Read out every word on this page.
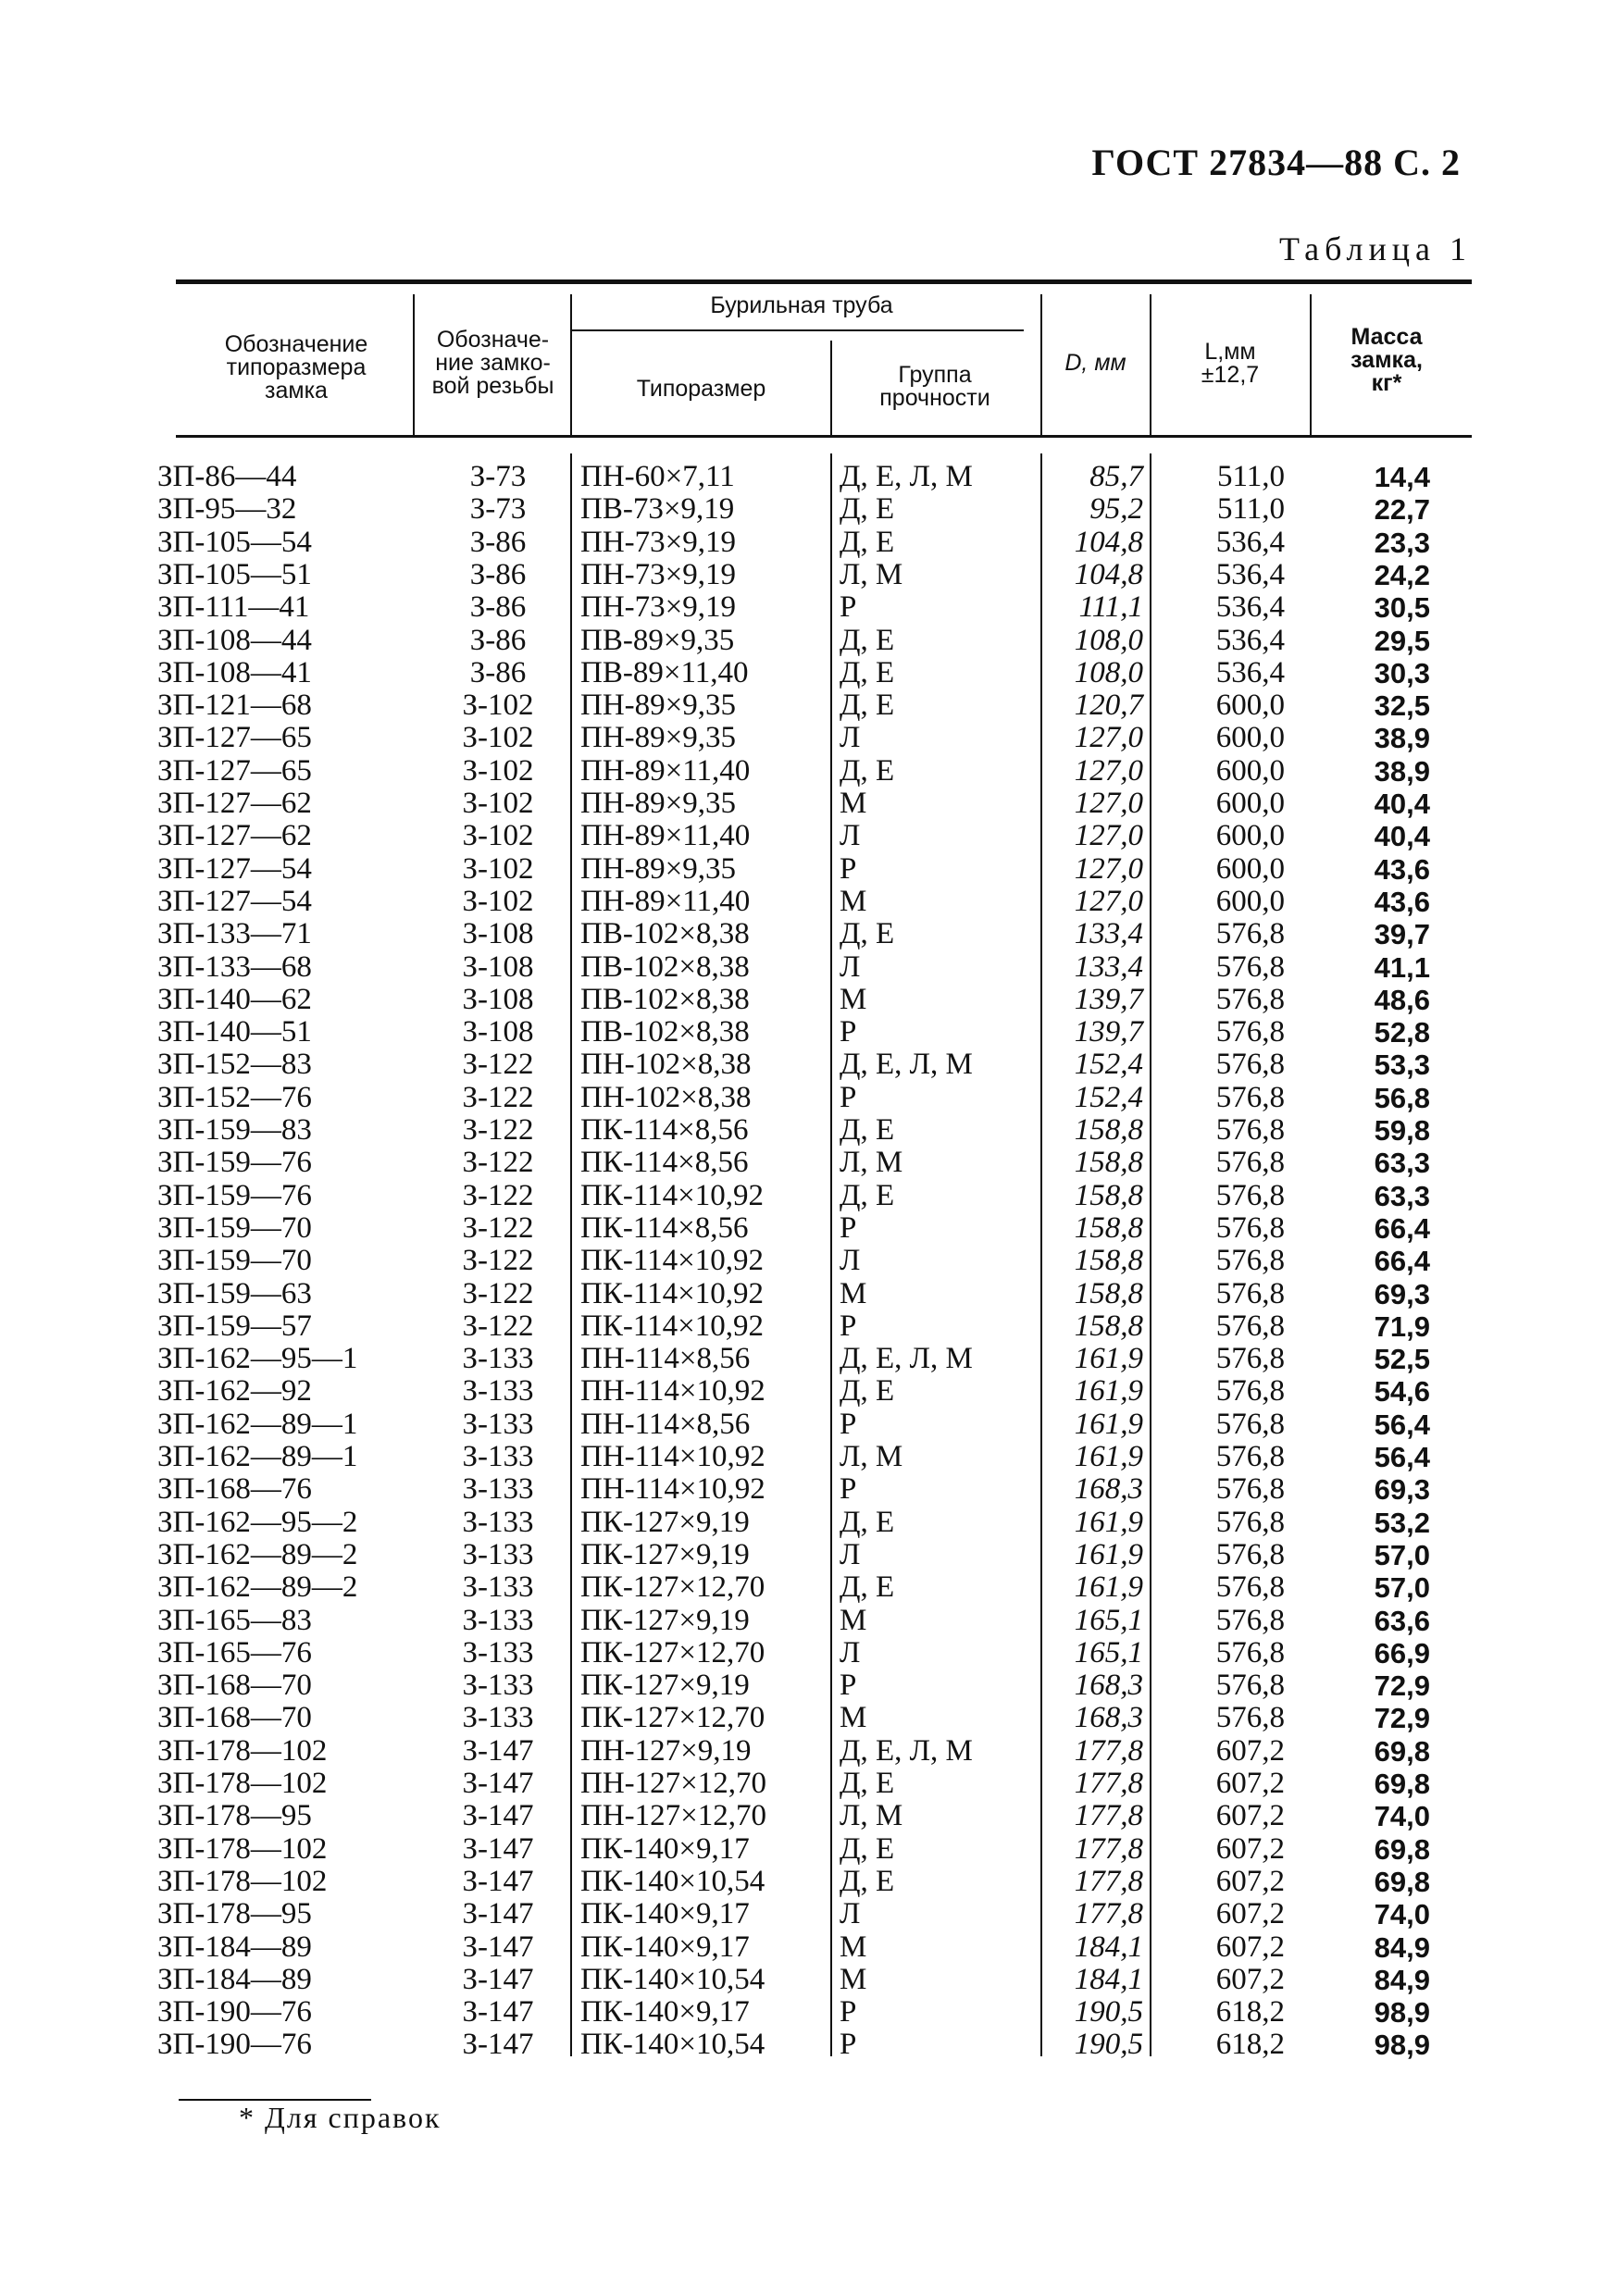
ГОСТ 27834—88 С. 2
Таблица 1
Обозначение
типоразмера
замка
Обозначе-
ние замко-
вой резьбы
Бурильная труба
Типоразмер
Группа
прочности
D, мм	L,мм
±12,7
Масса
замка,
кг*
ЗП-86—44	З-73	ПН-60×7,11	Д, Е, Л, М	85,7	511,0	14,4
ЗП-95—32	З-73	ПВ-73×9,19	Д, Е	95,2	511,0	22,7
ЗП-105—54	З-86	ПН-73×9,19	Д, Е	104,8	536,4	23,3
ЗП-105—51	З-86	ПН-73×9,19	Л, М	104,8	536,4	24,2
ЗП-111—41	З-86	ПН-73×9,19	Р	111,1	536,4	30,5
ЗП-108—44	З-86	ПВ-89×9,35	Д, Е	108,0	536,4	29,5
ЗП-108—41	З-86	ПВ-89×11,40	Д, Е	108,0	536,4	30,3
ЗП-121—68	З-102	ПН-89×9,35	Д, Е	120,7	600,0	32,5
ЗП-127—65	З-102	ПН-89×9,35	Л	127,0	600,0	38,9
ЗП-127—65	З-102	ПН-89×11,40	Д, Е	127,0	600,0	38,9
ЗП-127—62	З-102	ПН-89×9,35	М	127,0	600,0	40,4
ЗП-127—62	З-102	ПН-89×11,40	Л	127,0	600,0	40,4
ЗП-127—54	З-102	ПН-89×9,35	Р	127,0	600,0	43,6
ЗП-127—54	З-102	ПН-89×11,40	М	127,0	600,0	43,6
ЗП-133—71	З-108	ПВ-102×8,38	Д, Е	133,4	576,8	39,7
ЗП-133—68	З-108	ПВ-102×8,38	Л	133,4	576,8	41,1
ЗП-140—62	З-108	ПВ-102×8,38	М	139,7	576,8	48,6
ЗП-140—51	З-108	ПВ-102×8,38	Р	139,7	576,8	52,8
ЗП-152—83	З-122	ПН-102×8,38	Д, Е, Л, М	152,4	576,8	53,3
ЗП-152—76	З-122	ПН-102×8,38	Р	152,4	576,8	56,8
ЗП-159—83	З-122	ПК-114×8,56	Д, Е	158,8	576,8	59,8
ЗП-159—76	З-122	ПК-114×8,56	Л, М	158,8	576,8	63,3
ЗП-159—76	З-122	ПК-114×10,92 Д, Е	158,8	576,8	63,3
ЗП-159—70	З-122	ПК-114×8,56	Р	158,8	576,8	66,4
ЗП-159—70	З-122	ПК-114×10,92 Л	158,8	576,8	66,4
ЗП-159—63	З-122	ПК-114×10,92 М	158,8	576,8	69,3
ЗП-159—57	З-122	ПК-114×10,92 Р	158,8	576,8	71,9
ЗП-162—95—1	З-133	ПН-114×8,56	Д, Е, Л, М	161,9	576,8	52,5
ЗП-162—92	З-133	ПН-114×10,92 Д, Е	161,9	576,8	54,6
ЗП-162—89—1	З-133	ПН-114×8,56	Р	161,9	576,8	56,4
ЗП-162—89—1	З-133	ПН-114×10,92 Л, М	161,9	576,8	56,4
ЗП-168—76	З-133	ПН-114×10,92 Р	168,3	576,8	69,3
ЗП-162—95—2	З-133	ПК-127×9,19	Д, Е	161,9	576,8	53,2
ЗП-162—89—2	З-133	ПК-127×9,19	Л	161,9	576,8	57,0
ЗП-162—89—2	З-133	ПК-127×12,70 Д, Е	161,9	576,8	57,0
ЗП-165—83	З-133	ПК-127×9,19	М	165,1	576,8	63,6
ЗП-165—76	З-133	ПК-127×12,70 Л	165,1	576,8	66,9
ЗП-168—70	З-133	ПК-127×9,19	Р	168,3	576,8	72,9
ЗП-168—70	З-133	ПК-127×12,70 М	168,3	576,8	72,9
ЗП-178—102	З-147	ПН-127×9,19	Д, Е, Л, М	177,8	607,2	69,8
ЗП-178—102	З-147	ПН-127×12,70 Д, Е	177,8	607,2	69,8
ЗП-178—95	З-147	ПН-127×12,70 Л, М	177,8	607,2	74,0
ЗП-178—102	З-147	ПК-140×9,17	Д, Е	177,8	607,2	69,8
ЗП-178—102	З-147	ПК-140×10,54 Д, Е	177,8	607,2	69,8
ЗП-178—95	З-147	ПК-140×9,17	Л	177,8	607,2	74,0
ЗП-184—89	З-147	ПК-140×9,17	М	184,1	607,2	84,9
ЗП-184—89	З-147	ПК-140×10,54 М	184,1	607,2	84,9
ЗП-190—76	З-147	ПК-140×9,17	Р	190,5	618,2	98,9
ЗП-190—76	З-147	ПК-140×10,54 Р	190,5	618,2	98,9
* Для справок
